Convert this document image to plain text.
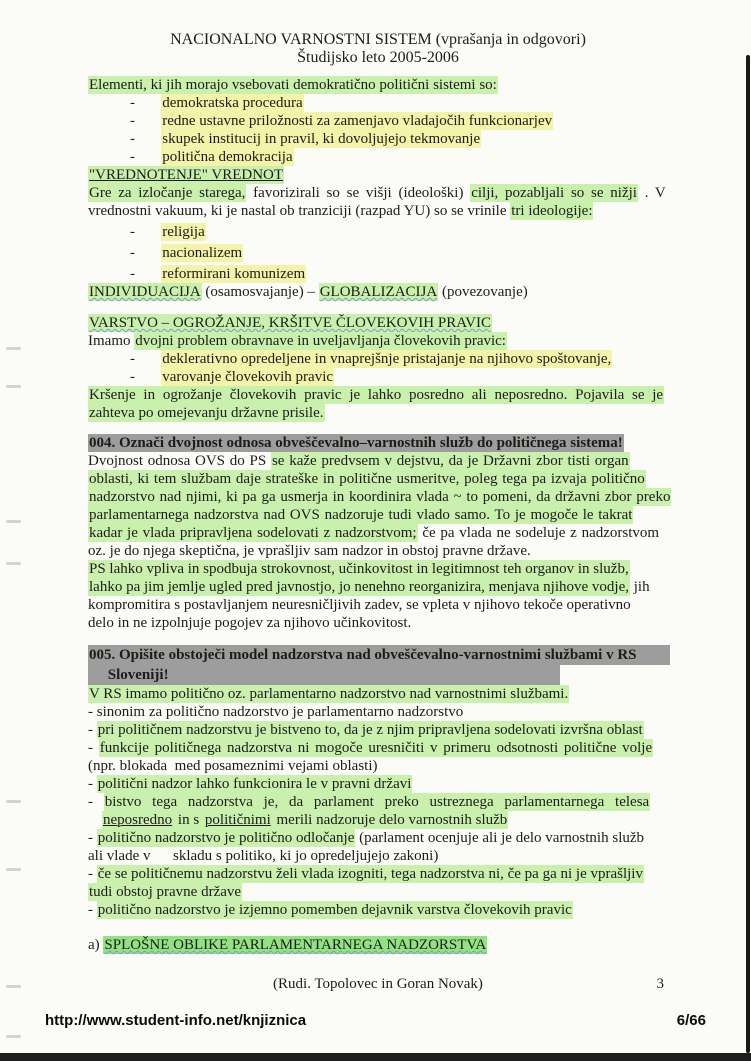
NACIONALNO VARNOSTNI SISTEM (vprašanja in odgovori)
Študijsko leto 2005-2006
Elementi, ki jih morajo vsebovati demokratično politični sistemi so:
-       demokratska procedura
-       redne ustavne priložnosti za zamenjavo vladajočih funkcionarjev
-       skupek institucij in pravil, ki dovoljujejo tekmovanje
-       politična demokracija
"VREDNOTENJE" VREDNOT
Gre za izločanje starega, favorizirali so se višji (ideološki) cilji, pozabljali so se nižji . V
vrednostni vakuum, ki je nastal ob tranziciji (razpad YU) so se vrinile tri ideologije:
-       religija
-       nacionalizem
-       reformirani komunizem
INDIVIDUACIJA (osamosvajanje) – GLOBALIZACIJA (povezovanje)
VARSTVO – OGROŽANJE, KRŠITVE ČLOVEKOVIH PRAVIC
Imamo dvojni problem obravnave in uveljavljanja človekovih pravic:
-       deklerativno opredeljene in vnaprejšnje pristajanje na njihovo spoštovanje,
-       varovanje človekovih pravic
Kršenje in ogrožanje človekovih pravic je lahko posredno ali neposredno. Pojavila se je
zahteva po omejevanju državne prisile.
004. Označi dvojnost odnosa obveščevalno–varnostnih služb do političnega sistema!
Dvojnost odnosa OVS do PS se kaže predvsem v dejstvu, da je Državni zbor tisti organ
oblasti, ki tem službam daje strateške in politične usmeritve, poleg tega pa izvaja politično
nadzorstvo nad njimi, ki pa ga usmerja in koordinira vlada ~ to pomeni, da državni zbor preko
parlamentarnega nadzorstva nad OVS nadzoruje tudi vlado samo. To je mogoče le takrat
kadar je vlada pripravljena sodelovati z nadzorstvom; če pa vlada ne sodeluje z nadzorstvom
oz. je do njega skeptična, je vprašljiv sam nadzor in obstoj pravne države.
PS lahko vpliva in spodbuja strokovnost, učinkovitost in legitimnost teh organov in služb,
lahko pa jim jemlje ugled pred javnostjo, jo nenehno reorganizira, menjava njihove vodje, jih
kompromitira s postavljanjem neuresničljivih zadev, se vpleta v njihovo tekoče operativno
delo in ne izpolnjuje pogojev za njihovo učinkovitost.
005. Opišite obstoječi model nadzorstva nad obveščevalno-varnostnimi službami v RS
Sloveniji!
V RS imamo politično oz. parlamentarno nadzorstvo nad varnostnimi službami.
- sinonim za politično nadzorstvo je parlamentarno nadzorstvo
- pri političnem nadzorstvu je bistveno to, da je z njim pripravljena sodelovati izvršna oblast
- funkcije političnega nadzorstva ni mogoče uresničiti v primeru odsotnosti politične volje
(npr. blokada  med posameznimi vejami oblasti)
- politični nadzor lahko funkcionira le v pravni državi
- bistvo tega nadzorstva je, da parlament preko ustreznega parlamentarnega telesa
neposredno in s političnimi merili nadzoruje delo varnostnih služb
- politično nadzorstvo je politično odločanje (parlament ocenjuje ali je delo varnostnih služb
ali vlade v      skladu s politiko, ki jo opredeljujejo zakoni)
- če se političnemu nadzorstvu želi vlada izogniti, tega nadzorstva ni, če pa ga ni je vprašljiv
tudi obstoj pravne države
- politično nadzorstvo je izjemno pomemben dejavnik varstva človekovih pravic
a) SPLOŠNE OBLIKE PARLAMENTARNEGA NADZORSTVA
(Rudi. Topolovec in Goran Novak)	3
http://www.student-info.net/knjiznica	6/66
